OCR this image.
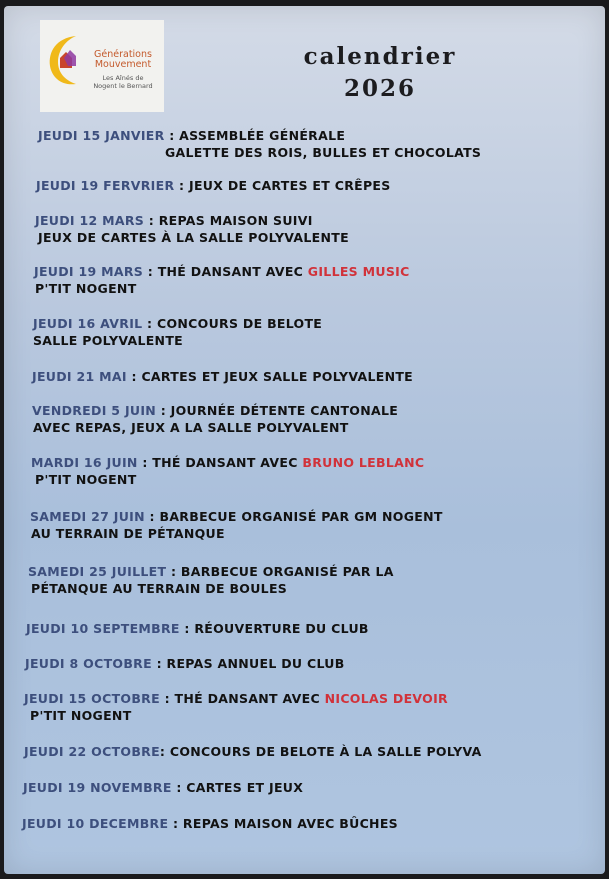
Générations
Mouvement
Les Aînés de
Nogent le Bernard
calendrier
2026
JEUDI 15 JANVIER : ASSEMBLÉE GÉNÉRALE
GALETTE DES ROIS, BULLES ET CHOCOLATS
JEUDI 19 FERVRIER : JEUX DE CARTES ET CRÊPES
JEUDI 12 MARS : REPAS MAISON SUIVI
JEUX DE CARTES À LA SALLE POLYVALENTE
JEUDI 19 MARS : THÉ DANSANT AVEC GILLES MUSIC
P'TIT NOGENT
JEUDI 16 AVRIL : CONCOURS DE BELOTE
SALLE POLYVALENTE
JEUDI 21 MAI : CARTES ET JEUX SALLE POLYVALENTE
VENDREDI 5 JUIN : JOURNÉE DÉTENTE CANTONALE
AVEC REPAS, JEUX A LA SALLE POLYVALENT
MARDI 16 JUIN : THÉ DANSANT AVEC BRUNO LEBLANC
P'TIT NOGENT
SAMEDI 27 JUIN : BARBECUE ORGANISÉ PAR GM NOGENT
AU TERRAIN DE PÉTANQUE
SAMEDI 25 JUILLET : BARBECUE ORGANISÉ PAR LA
PÉTANQUE AU TERRAIN DE BOULES
JEUDI 10 SEPTEMBRE : RÉOUVERTURE DU CLUB
JEUDI 8 OCTOBRE : REPAS ANNUEL DU CLUB
JEUDI 15 OCTOBRE : THÉ DANSANT AVEC NICOLAS DEVOIR
P'TIT NOGENT
JEUDI 22 OCTOBRE: CONCOURS DE BELOTE À LA SALLE POLYVA
JEUDI 19 NOVEMBRE : CARTES ET JEUX
JEUDI 10 DECEMBRE : REPAS MAISON AVEC BÛCHES
